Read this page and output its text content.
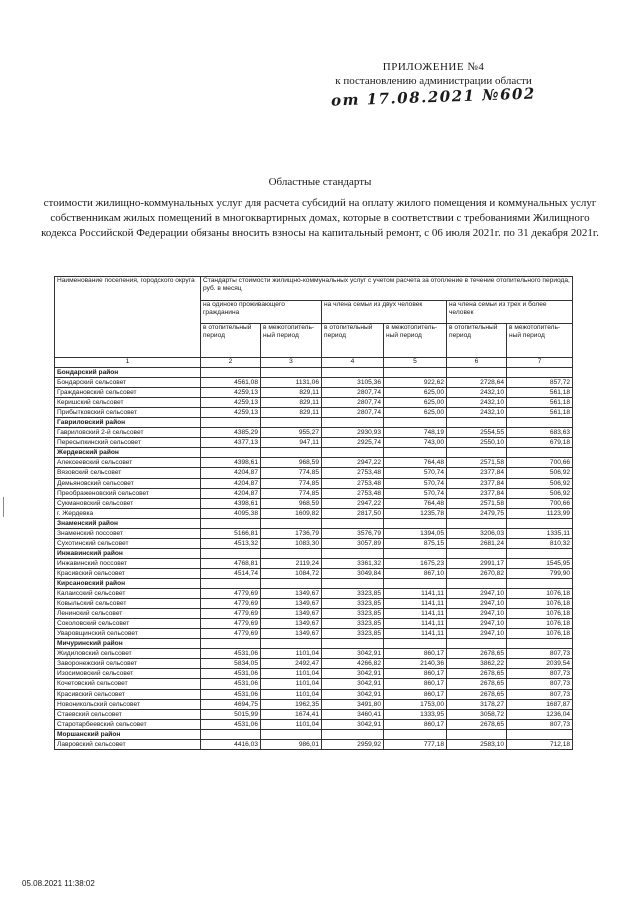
ПРИЛОЖЕНИЕ №4
к постановлению администрации области
от 17.08.2021 №602
Областные стандарты
стоимости жилищно-коммунальных услуг для расчета субсидий на оплату жилого помещения и коммунальных услуг собственникам жилых помещений в многоквартирных домах, которые в соответствии с требованиями Жилищного кодекса Российской Федерации обязаны вносить взносы на капитальный ремонт, с 06 июля 2021г. по 31 декабря 2021г.
Наименование поселения, городского округа	Стандарты стоимости жилищно-коммунальных услуг с учетом расчета за отопление в течение отопительного периода, руб. в месяц					
	на одиноко проживающего гражданина		на члена семьи из двух человек		на члена семьи из трех и более человек	
	в отопительный период	в межотопитель-ный период	в отопительный период	в межотопитель-ный период	в отопительный период	в межотопитель-ный период
1	2	3	4	5	6	7
Бондарский район						
Бондарский сельсовет	4561,08	1131,06	3105,36	922,62	2728,64	857,72
Граждановский сельсовет	4259,13	829,11	2807,74	625,00	2432,10	561,18
Керишский сельсовет	4259,13	829,11	2807,74	625,00	2432,10	561,18
Прибытковский сельсовет	4259,13	829,11	2807,74	625,00	2432,10	561,18
Гавриловский район						
Гавриловский 2-й сельсовет	4385,29	955,27	2930,93	748,19	2554,55	683,63
Пересыпкинский сельсовет	4377,13	947,11	2925,74	743,00	2550,10	679,18
Жердевский район						
Алексеевский сельсовет	4398,61	968,59	2947,22	764,48	2571,58	700,66
Вязовский сельсовет	4204,87	774,85	2753,48	570,74	2377,84	506,92
Демьяновский сельсовет	4204,87	774,85	2753,48	570,74	2377,84	506,92
Преображеновский сельсовет	4204,87	774,85	2753,48	570,74	2377,84	506,92
Сукмановский сельсовет	4398,61	968,59	2947,22	764,48	2571,58	700,66
г. Жердевка	4095,38	1609,82	2817,50	1235,78	2479,75	1123,99
Знаменский район						
Знаменский поссовет	5166,81	1736,79	3576,79	1394,05	3206,03	1335,11
Сухотинский сельсовет	4513,32	1083,30	3057,89	875,15	2681,24	810,32
Инжавинский район						
Инжавинский поссовет	4768,81	2119,24	3361,32	1675,23	2991,17	1545,95
Красивский сельсовет	4514,74	1084,72	3049,84	867,10	2670,82	799,90
Кирсановский район						
Калаисский сельсовет	4779,69	1349,67	3323,85	1141,11	2947,10	1076,18
Ковыльский сельсовет	4779,69	1349,67	3323,85	1141,11	2947,10	1076,18
Ленинский сельсовет	4779,69	1349,67	3323,85	1141,11	2947,10	1076,18
Соколовский сельсовет	4779,69	1349,67	3323,85	1141,11	2947,10	1076,18
Уваровщинский сельсовет	4779,69	1349,67	3323,85	1141,11	2947,10	1076,18
Мичуринский район						
Жидиловский сельсовет	4531,06	1101,04	3042,91	860,17	2678,65	807,73
Заворонежский сельсовет	5834,05	2492,47	4266,82	2140,36	3862,22	2039,54
Изосимовский сельсовет	4531,06	1101,04	3042,91	860,17	2678,65	807,73
Кочетовский сельсовет	4531,06	1101,04	3042,91	860,17	2678,65	807,73
Красивский сельсовет	4531,06	1101,04	3042,91	860,17	2678,65	807,73
Новоникольский сельсовет	4694,75	1962,35	3491,80	1753,00	3178,27	1687,87
Стаевский сельсовет	5015,99	1674,41	3460,41	1333,95	3058,72	1236,04
Старотарбеевский сельсовет	4531,06	1101,04	3042,91	860,17	2678,65	807,73
Моршанский район						
Лавровский сельсовет	4416,03	986,01	2959,92	777,18	2583,10	712,18
05.08.2021 11:38:02
